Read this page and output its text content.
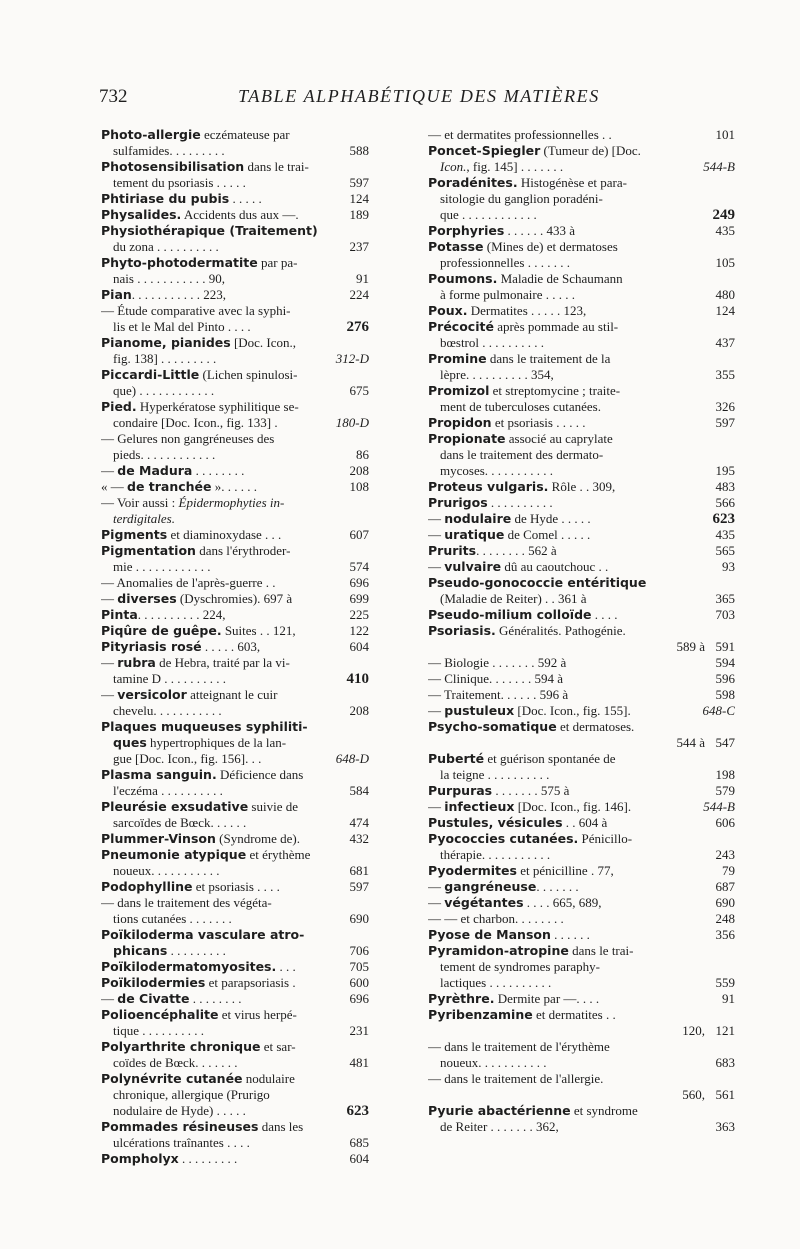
732	TABLE ALPHABÉTIQUE DES MATIÈRES
Photo-allergie eczémateuse par
sulfamides. . . . . . . . .	588
Photosensibilisation dans le trai-
tement du psoriasis . . . . .	597
Phtiriase du pubis . . . . .	124
Physalides. Accidents dus aux —.	189
Physiothérapique (Traitement)
du zona . . . . . . . . . .	237
Phyto-photodermatite par pa-
nais . . . . . . . . . . . 90,	91
Pian. . . . . . . . . . . 223,	224
— Étude comparative avec la syphi-
lis et le Mal del Pinto . . . .	276
Pianome, pianides [Doc. Icon.,
fig. 138] . . . . . . . . .	312-D
Piccardi-Little (Lichen spinulosi-
que) . . . . . . . . . . . .	675
Pied. Hyperkératose syphilitique se-
condaire [Doc. Icon., fig. 133] .	180-D
— Gelures non gangréneuses des
pieds. . . . . . . . . . . .	86
— de Madura . . . . . . . .	208
« — de tranchée ». . . . . .	108
— Voir aussi : Épidermophyties in-
terdigitales.
Pigments et diaminoxydase . . .	607
Pigmentation dans l'érythroder-
mie . . . . . . . . . . . .	574
— Anomalies de l'après-guerre . .	696
— diverses (Dyschromies). 697 à	699
Pinta. . . . . . . . . . 224,	225
Piqûre de guêpe. Suites . . 121,	122
Pityriasis rosé . . . . . 603,	604
— rubra de Hebra, traité par la vi-
tamine D . . . . . . . . . .	410
— versicolor atteignant le cuir
chevelu. . . . . . . . . . .	208
Plaques muqueuses syphiliti-
ques hypertrophiques de la lan-
gue [Doc. Icon., fig. 156]. . .	648-D
Plasma sanguin. Déficience dans
l'eczéma . . . . . . . . . .	584
Pleurésie exsudative suivie de
sarcoïdes de Bœck. . . . . .	474
Plummer-Vinson (Syndrome de).	432
Pneumonie atypique et érythème
noueux. . . . . . . . . . .	681
Podophylline et psoriasis . . . .	597
— dans le traitement des végéta-
tions cutanées . . . . . . .	690
Poïkiloderma vasculare atro-
phicans . . . . . . . . .	706
Poïkilodermatomyosites. . . .	705
Poïkilodermies et parapsoriasis .	600
— de Civatte . . . . . . . .	696
Polioencéphalite et virus herpé-
tique . . . . . . . . . .	231
Polyarthrite chronique et sar-
coïdes de Bœck. . . . . . .	481
Polynévrite cutanée nodulaire
chronique, allergique (Prurigo
nodulaire de Hyde) . . . . .	623
Pommades résineuses dans les
ulcérations traînantes . . . .	685
Pompholyx . . . . . . . . .	604
— et dermatites professionnelles . .	101
Poncet-Spiegler (Tumeur de) [Doc.
Icon., fig. 145] . . . . . . .	544-B
Poradénites. Histogénèse et para-
sitologie du ganglion poradéni-
que . . . . . . . . . . . .	249
Porphyries . . . . . . 433 à	435
Potasse (Mines de) et dermatoses
professionnelles . . . . . . .	105
Poumons. Maladie de Schaumann
à forme pulmonaire . . . . .	480
Poux. Dermatites . . . . . 123,	124
Précocité après pommade au stil-
bœstrol . . . . . . . . . .	437
Promine dans le traitement de la
lèpre. . . . . . . . . . 354,	355
Promizol et streptomycine ; traite-
ment de tuberculoses cutanées.	326
Propidon et psoriasis . . . . .	597
Propionate associé au caprylate
dans le traitement des dermato-
mycoses. . . . . . . . . . .	195
Proteus vulgaris. Rôle . . 309,	483
Prurigos . . . . . . . . . .	566
— nodulaire de Hyde . . . . .	623
— uratique de Comel . . . . .	435
Prurits. . . . . . . . 562 à	565
— vulvaire dû au caoutchouc . .	93
Pseudo-gonococcie entéritique
(Maladie de Reiter) . . 361 à	365
Pseudo-milium colloïde . . . .	703
Psoriasis. Généralités. Pathogénie.
589 à 591
— Biologie . . . . . . . 592 à	594
— Clinique. . . . . . . 594 à	596
— Traitement. . . . . . 596 à	598
— pustuleux [Doc. Icon., fig. 155].	648-C
Psycho-somatique et dermatoses.
544 à 547
Puberté et guérison spontanée de
la teigne . . . . . . . . . .	198
Purpuras . . . . . . . 575 à	579
— infectieux [Doc. Icon., fig. 146].	544-B
Pustules, vésicules . . 604 à	606
Pyococcies cutanées. Pénicillo-
thérapie. . . . . . . . . . .	243
Pyodermites et pénicilline . 77,	79
— gangréneuse. . . . . . .	687
— végétantes . . . . 665, 689,	690
— — et charbon. . . . . . . .	248
Pyose de Manson . . . . . .	356
Pyramidon-atropine dans le trai-
tement de syndromes paraphy-
lactiques . . . . . . . . . .	559
Pyrèthre. Dermite par —. . . .	91
Pyribenzamine et dermatites . .
120, 121
— dans le traitement de l'érythème
noueux. . . . . . . . . . .	683
— dans le traitement de l'allergie.
560, 561
Pyurie abactérienne et syndrome
de Reiter . . . . . . . 362,	363
